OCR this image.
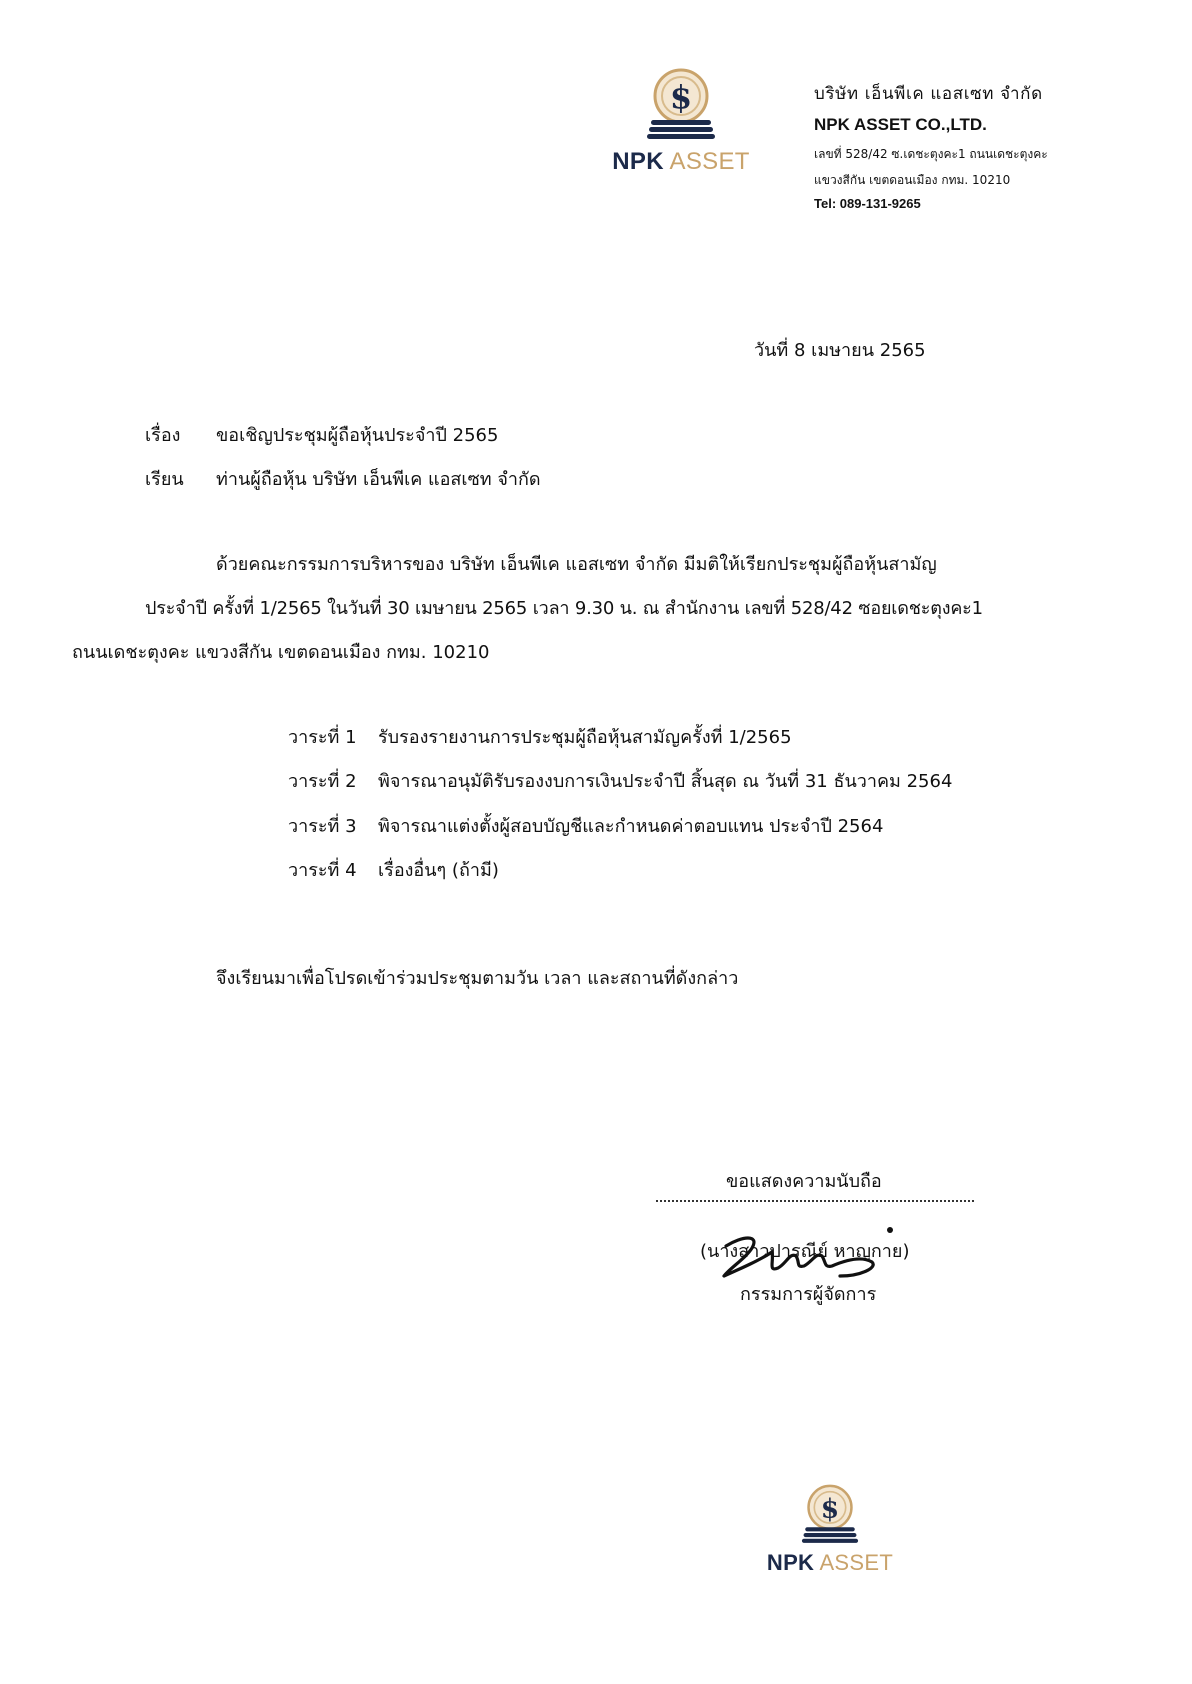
$
NPK ASSET
บริษัท เอ็นพีเค แอสเซท จำกัด
NPK ASSET CO.,LTD.
เลขที่ 528/42 ซ.เดชะตุงคะ1 ถนนเดชะตุงคะ
แขวงสีกัน เขตดอนเมือง กทม. 10210
Tel: 089-131-9265
วันที่ 8 เมษายน 2565
เรื่อง ขอเชิญประชุมผู้ถือหุ้นประจำปี 2565
เรียน ท่านผู้ถือหุ้น บริษัท เอ็นพีเค แอสเซท จำกัด
ด้วยคณะกรรมการบริหารของ บริษัท เอ็นพีเค แอสเซท จำกัด มีมติให้เรียกประชุมผู้ถือหุ้นสามัญ
ประจำปี ครั้งที่ 1/2565 ในวันที่ 30 เมษายน 2565 เวลา 9.30 น. ณ สำนักงาน เลขที่ 528/42 ซอยเดชะตุงคะ1
ถนนเดชะตุงคะ แขวงสีกัน เขตดอนเมือง กทม. 10210
วาระที่ 1 รับรองรายงานการประชุมผู้ถือหุ้นสามัญครั้งที่ 1/2565
วาระที่ 2 พิจารณาอนุมัติรับรองงบการเงินประจำปี สิ้นสุด ณ วันที่ 31 ธันวาคม 2564
วาระที่ 3 พิจารณาแต่งตั้งผู้สอบบัญชีและกำหนดค่าตอบแทน ประจำปี 2564
วาระที่ 4 เรื่องอื่นๆ (ถ้ามี)
จึงเรียนมาเพื่อโปรดเข้าร่วมประชุมตามวัน เวลา และสถานที่ดังกล่าว
ขอแสดงความนับถือ
(นางสาวปารณีย์ หาญกาย)
กรรมการผู้จัดการ
$
NPK ASSET
